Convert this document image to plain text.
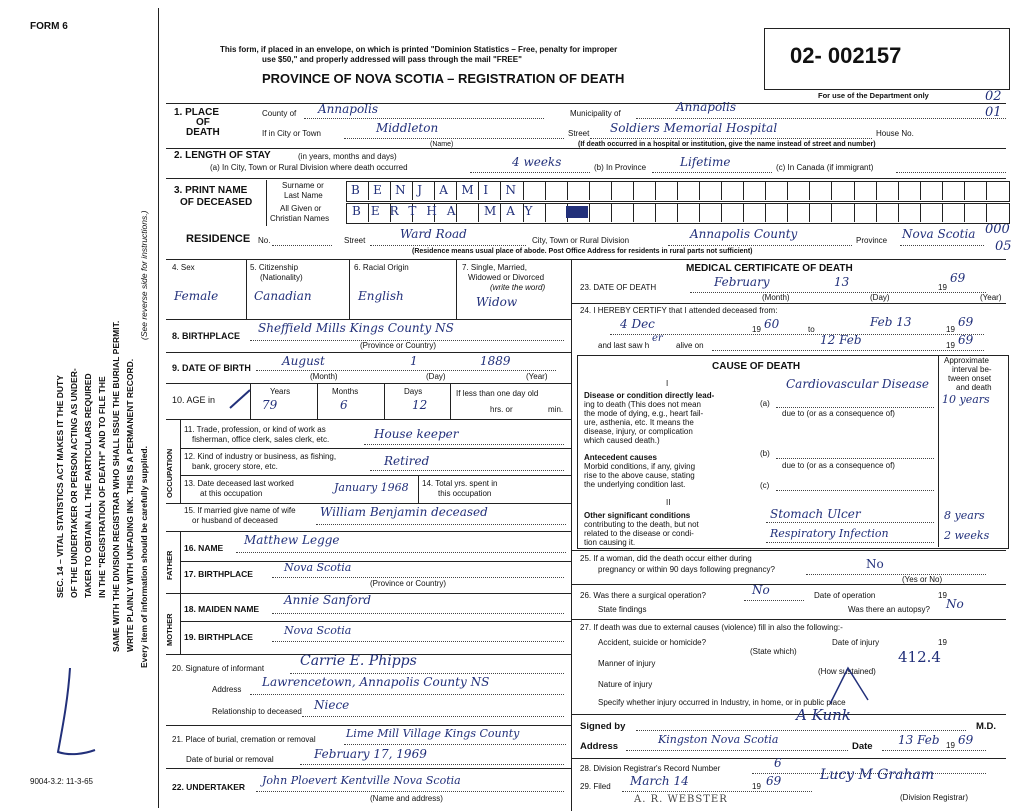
FORM 6
9004-3.2: 11-3-65
SEC. 14 – VITAL STATISTICS ACT MAKES IT THE DUTY OF THE UNDERTAKER OR PERSON ACTING AS UNDER- TAKER TO OBTAIN ALL THE PARTICULARS REQUIRED IN THE "REGISTRATION OF DEATH" AND TO FILE THE SAME WITH THE DIVISION REGISTRAR WHO SHALL ISSUE THE BURIAL PERMIT. WRITE PLAINLY WITH UNFADING INK. THIS IS A PERMANENT RECORD. Every item of information should be carefully supplied.
(See reverse side for instructions.)
This form, if placed in an envelope, on which is printed "Dominion Statistics – Free, penalty for improper
use $50," and properly addressed will pass through the mail "FREE"
PROVINCE OF NOVA SCOTIA – REGISTRATION OF DEATH
02- 002157
For use of the Department only	02
01
000
05
1. PLACE
OF
DEATH
County of Annapolis	Municipality of	Annapolis
If in City or Town	Middleton
(Name)
Street Soldiers Memorial Hospital	House No.
(If death occurred in a hospital or institution, give the name instead of street and number)
2. LENGTH OF STAY	(in years, months and days)
(a) In City, Town or Rural Division where death occurred	4 weeks	(b) In Province	Lifetime	(c) In Canada (if immigrant)
3. PRINT NAME
OF DECEASED
Surname or
Last Name
All Given or
Christian Names
B E N J A M I N
BERTHA MAY
RESIDENCE No.	Street	Ward Road	City, Town or Rural Division	Annapolis County	Province Nova Scotia
(Residence means usual place of abode. Post Office Address for residents in rural parts not sufficient)
4. Sex
Female
5. Citizenship
(Nationality)
Canadian
6. Racial Origin
English
7. Single, Married,
Widowed or Divorced
(write the word)
Widow
8. BIRTHPLACE
Sheffield Mills Kings County NS
(Province or Country)
9. DATE OF BIRTH	August	1	1889
(Month)	(Day)	(Year)
10. AGE in
Years
79
Months
6
Days
12
If less than one day old
hrs. or	min.
OCCUPATION
11. Trade, profession, or kind of work as
fisherman, office clerk, sales clerk, etc.	House keeper
12. Kind of industry or business, as fishing,
bank, grocery store, etc.	Retired
13. Date deceased last worked
at this occupation	January 1968 14. Total yrs. spent in
this occupation
15. If married give name of wife
or husband of deceased
William Benjamin deceased
FATHER
16. NAME
Matthew Legge
17. BIRTHPLACE	Nova Scotia
(Province or Country)
MOTHER
18. MAIDEN NAME
Annie Sanford
19. BIRTHPLACE	Nova Scotia
20. Signature of informant	Carrie E. Phipps
Address
Lawrencetown, Annapolis County NS
Relationship to deceased Niece
21. Place of burial, cremation or removal	Lime Mill Village Kings County
Date of burial or removal	February 17, 1969
22. UNDERTAKER John Ploevert Kentville Nova Scotia
(Name and address)
MEDICAL CERTIFICATE OF DEATH
23. DATE OF DEATH	February	13	19
69
(Month)	(Day)	(Year)
24. I HEREBY CERTIFY that I attended deceased from:
4 Dec	19 60	to
Feb 13
19
69
and last saw h
er
alive on	12 Feb	19 69
CAUSE OF DEATH
Approximate
interval be-
tween onset
and death
I
Disease or condition directly lead-
ing to death (This does not mean
the mode of dying, e.g., heart fail-
ure, asthenia, etc. It means the
disease, injury, or complication
which caused death.)
(a)
Cardiovascular Disease
due to (or as a consequence of)
10 years
Antecedent causes
Morbid conditions, if any, giving
rise to the above cause, stating
the underlying condition last.
(b)
due to (or as a consequence of)
(c)
II
Other significant conditions
contributing to the death, but not
related to the disease or condi-
tion causing it.
Stomach Ulcer
Respiratory Infection
8 years
2 weeks
25. If a woman, did the death occur either during
pregnancy or within 90 days following pregnancy?	No
(Yes or No)
26. Was there a surgical operation?	No	Date of operation	19
State findings	Was there an autopsy? No
27. If death was due to external causes (violence) fill in also the following:-
Accident, suicide or homicide?	Date of injury	19
(State which)	412.4
Manner of injury
(How sustained)
Nature of injury
Specify whether injury occurred in Industry, in home, or in public place
Signed by
A Kunk
M.D.
Address
Kingston Nova Scotia
Date 13 Feb 19 69
28. Division Registrar's Record Number	6
29. Filed March 14	19 69	Lucy M Graham
(Division Registrar)
A. R. WEBSTER
